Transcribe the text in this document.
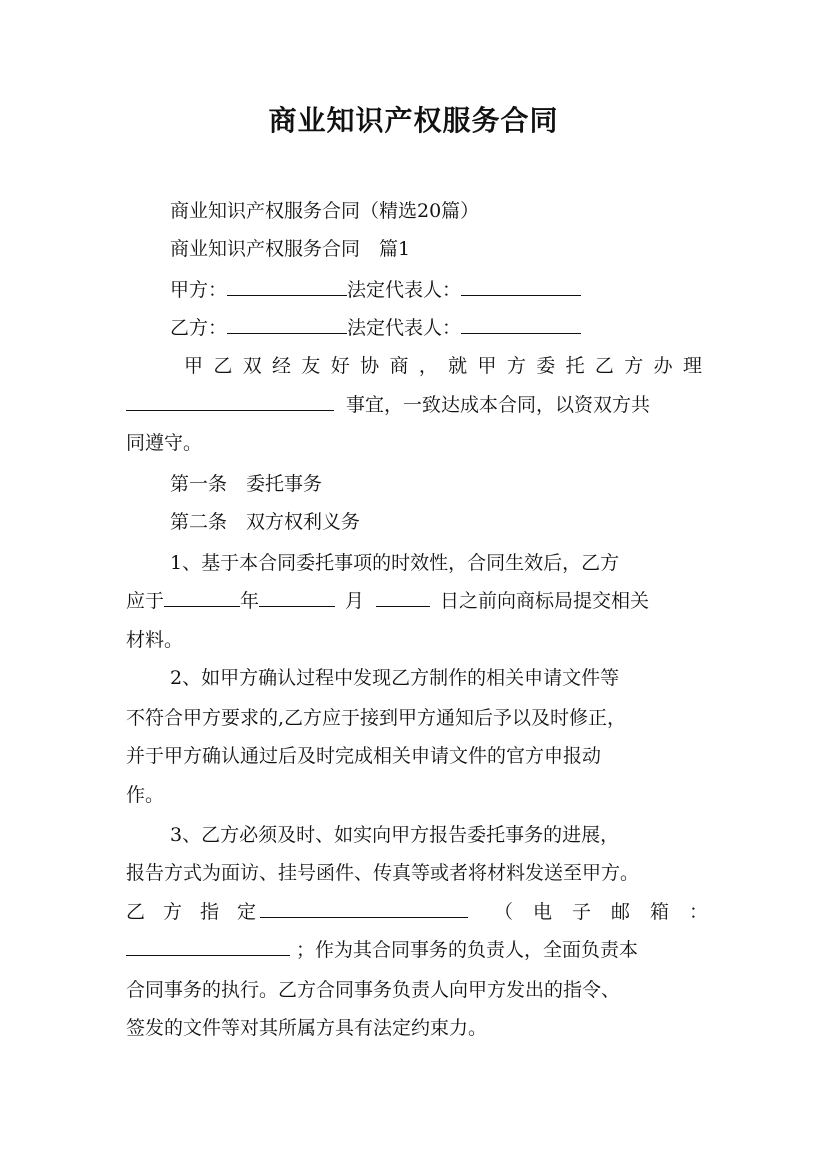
商业知识产权服务合同
商业知识产权服务合同（精选20篇）
商业知识产权服务合同　篇1
甲方：	法定代表人：
乙方：	法定代表人：
甲乙双经友好协商，就甲方委托乙方办理
事宜，一致达成本合同，以资双方共
同遵守。
第一条　委托事务
第二条　双方权利义务
1、基于本合同委托事项的时效性，合同生效后，乙方
应于	年	月	日之前向商标局提交相关
材料。
2、如甲方确认过程中发现乙方制作的相关申请文件等
不符合甲方要求的,乙方应于接到甲方通知后予以及时修正，
并于甲方确认通过后及时完成相关申请文件的官方申报动
作。
3、乙方必须及时、如实向甲方报告委托事务的进展，
报告方式为面访、挂号函件、传真等或者将材料发送至甲方。
乙方指定	（电子邮箱：
；作为其合同事务的负责人，全面负责本
合同事务的执行。乙方合同事务负责人向甲方发出的指令、
签发的文件等对其所属方具有法定约束力。
